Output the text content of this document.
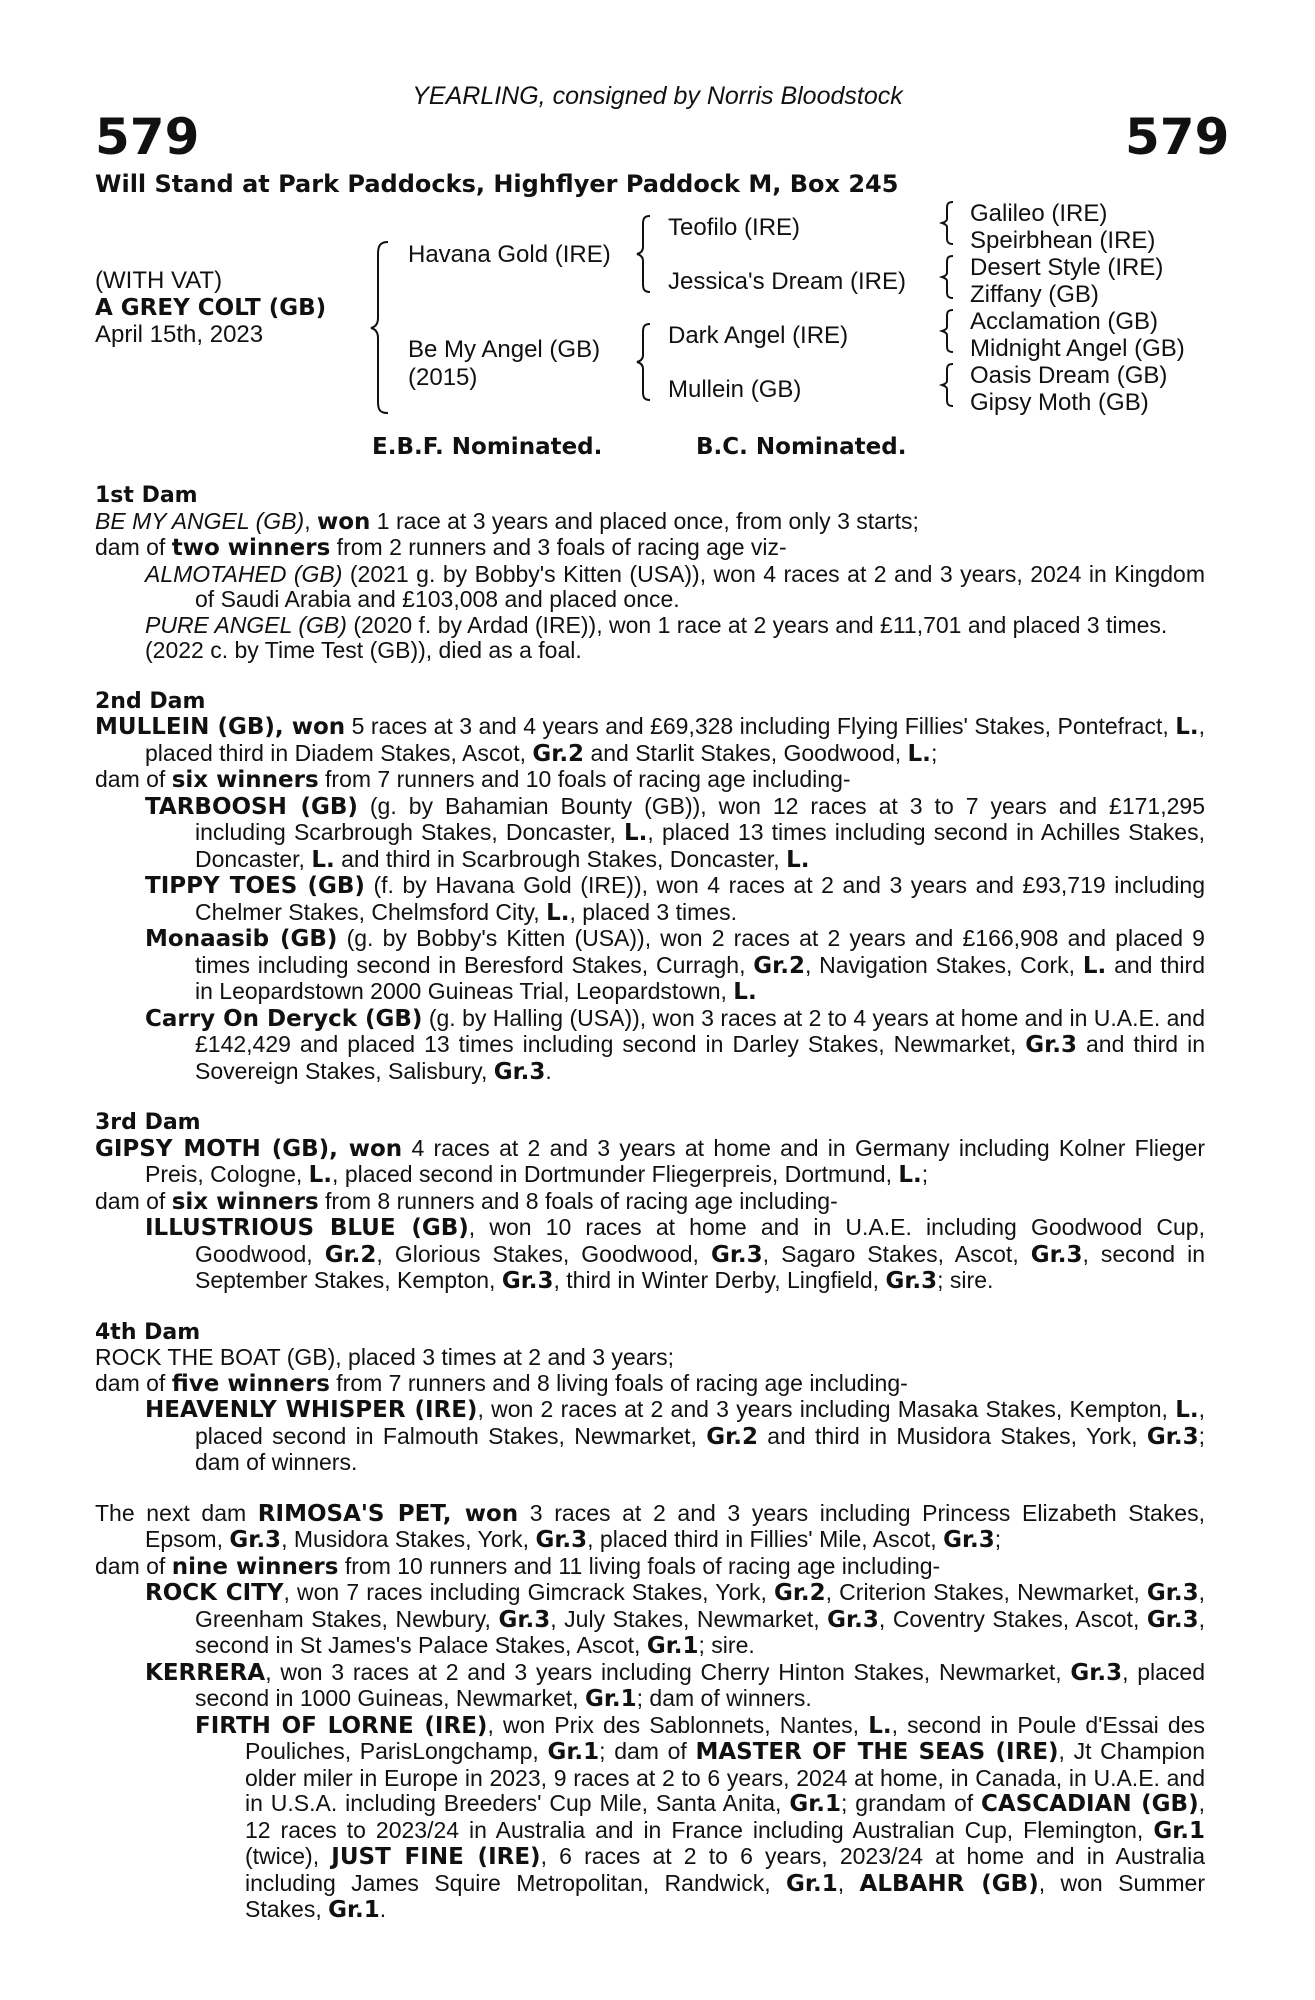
YEARLING, consigned by Norris Bloodstock
579	579
Will Stand at Park Paddocks, Highflyer Paddock M, Box 245
(WITH VAT)
A GREY COLT (GB)
April 15th, 2023
Havana Gold (IRE)
Be My Angel (GB)
(2015)
Teofilo (IRE)
Jessica's Dream (IRE)
Dark Angel (IRE)
Mullein (GB)
Galileo (IRE)
Speirbhean (IRE)
Desert Style (IRE)
Ziffany (GB)
Acclamation (GB)
Midnight Angel (GB)
Oasis Dream (GB)
Gipsy Moth (GB)
E.B.F. Nominated.	B.C. Nominated.

1st Dam

BE MY ANGEL (GB), won 1 race at 3 years and placed once, from only 3 starts;

dam of two winners from 2 runners and 3 foals of racing age viz-

ALMOTAHED (GB) (2021 g. by Bobby's Kitten (USA)), won 4 races at 2 and 3 years, 2024 in Kingdom of Saudi Arabia and £103,008 and placed once.

PURE ANGEL (GB) (2020 f. by Ardad (IRE)), won 1 race at 2 years and £11,701 and placed 3 times.

(2022 c. by Time Test (GB)), died as a foal.

2nd Dam

MULLEIN (GB), won 5 races at 3 and 4 years and £69,328 including Flying Fillies' Stakes, Pontefract, L., placed third in Diadem Stakes, Ascot, Gr.2 and Starlit Stakes, Goodwood, L.;

dam of six winners from 7 runners and 10 foals of racing age including-

TARBOOSH (GB) (g. by Bahamian Bounty (GB)), won 12 races at 3 to 7 years and £171,295 including Scarbrough Stakes, Doncaster, L., placed 13 times including second in Achilles Stakes, Doncaster, L. and third in Scarbrough Stakes, Doncaster, L.

TIPPY TOES (GB) (f. by Havana Gold (IRE)), won 4 races at 2 and 3 years and £93,719 including Chelmer Stakes, Chelmsford City, L., placed 3 times.

Monaasib (GB) (g. by Bobby's Kitten (USA)), won 2 races at 2 years and £166,908 and placed 9 times including second in Beresford Stakes, Curragh, Gr.2, Navigation Stakes, Cork, L. and third in Leopardstown 2000 Guineas Trial, Leopardstown, L.

Carry On Deryck (GB) (g. by Halling (USA)), won 3 races at 2 to 4 years at home and in U.A.E. and £142,429 and placed 13 times including second in Darley Stakes, Newmarket, Gr.3 and third in Sovereign Stakes, Salisbury, Gr.3.

3rd Dam

GIPSY MOTH (GB), won 4 races at 2 and 3 years at home and in Germany including Kolner Flieger Preis, Cologne, L., placed second in Dortmunder Fliegerpreis, Dortmund, L.;

dam of six winners from 8 runners and 8 foals of racing age including-

ILLUSTRIOUS BLUE (GB), won 10 races at home and in U.A.E. including Goodwood Cup, Goodwood, Gr.2, Glorious Stakes, Goodwood, Gr.3, Sagaro Stakes, Ascot, Gr.3, second in September Stakes, Kempton, Gr.3, third in Winter Derby, Lingfield, Gr.3; sire.

4th Dam

ROCK THE BOAT (GB), placed 3 times at 2 and 3 years;

dam of five winners from 7 runners and 8 living foals of racing age including-

HEAVENLY WHISPER (IRE), won 2 races at 2 and 3 years including Masaka Stakes, Kempton, L., placed second in Falmouth Stakes, Newmarket, Gr.2 and third in Musidora Stakes, York, Gr.3; dam of winners.

The next dam RIMOSA'S PET, won 3 races at 2 and 3 years including Princess Elizabeth Stakes, Epsom, Gr.3, Musidora Stakes, York, Gr.3, placed third in Fillies' Mile, Ascot, Gr.3;

dam of nine winners from 10 runners and 11 living foals of racing age including-

ROCK CITY, won 7 races including Gimcrack Stakes, York, Gr.2, Criterion Stakes, Newmarket, Gr.3, Greenham Stakes, Newbury, Gr.3, July Stakes, Newmarket, Gr.3, Coventry Stakes, Ascot, Gr.3, second in St James's Palace Stakes, Ascot, Gr.1; sire.

KERRERA, won 3 races at 2 and 3 years including Cherry Hinton Stakes, Newmarket, Gr.3, placed second in 1000 Guineas, Newmarket, Gr.1; dam of winners.

FIRTH OF LORNE (IRE), won Prix des Sablonnets, Nantes, L., second in Poule d'Essai des Pouliches, ParisLongchamp, Gr.1; dam of MASTER OF THE SEAS (IRE), Jt Champion older miler in Europe in 2023, 9 races at 2 to 6 years, 2024 at home, in Canada, in U.A.E. and in U.S.A. including Breeders' Cup Mile, Santa Anita, Gr.1; grandam of CASCADIAN (GB), 12 races to 2023/24 in Australia and in France including Australian Cup, Flemington, Gr.1 (twice), JUST FINE (IRE), 6 races at 2 to 6 years, 2023/24 at home and in Australia including James Squire Metropolitan, Randwick, Gr.1, ALBAHR (GB), won Summer Stakes, Gr.1.
